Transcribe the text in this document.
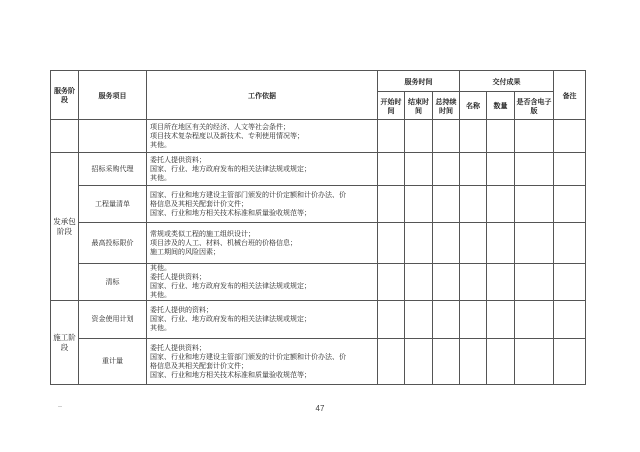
服务阶段	服务项目	工作依据	服务时间			交付成果			备注
			开始时间	结束时间	总持续时间	名称	数量	是否含电子版	

		项目所在地区有关的经济、人文等社会条件；
项目技术复杂程度以及新技术、专利使用情况等；
其他。							

发承包阶段	招标采购代理	委托人提供资料；
国家、行业、地方政府发布的相关法律法规或规定；
其他。							

	工程量清单	国家、行业和地方建设主管部门颁发的计价定额和计价办法、价
格信息及其相关配套计价文件；
国家、行业和地方相关技术标准和质量验收规范等；							

	最高投标限价	常规或类似工程的施工组织设计；
项目涉及的人工、材料、机械台班的价格信息；
施工期间的风险因素；							

	清标	其他。
委托人提供资料；
国家、行业、地方政府发布的相关法律法规或规定；
其他。							

施工阶段	资金使用计划	委托人提供的资料；
国家、行业、地方政府发布的相关法律法规或规定；
其他。							

	重计量	委托人提供资料；
国家、行业和地方建设主管部门颁发的计价定额和计价办法、价
格信息及其相关配套计价文件；
国家、行业和地方相关技术标准和质量验收规范等；							

--	47
